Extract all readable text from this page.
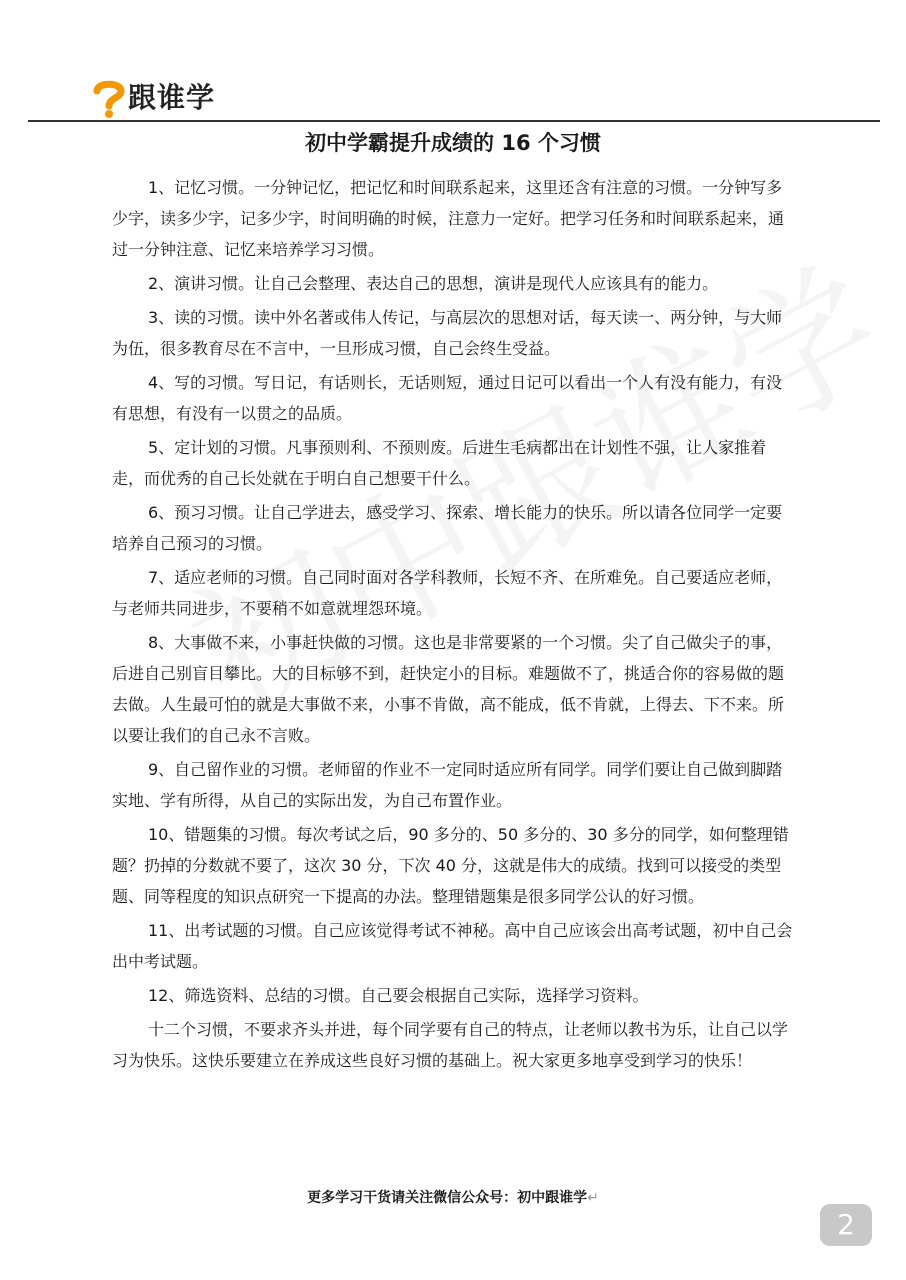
跟谁学
初中学霸提升成绩的 16 个习惯

1、记忆习惯。一分钟记忆，把记忆和时间联系起来，这里还含有注意的习惯。一分钟写多少字，读多少字，记多少字，时间明确的时候，注意力一定好。把学习任务和时间联系起来，通过一分钟注意、记忆来培养学习习惯。

2、演讲习惯。让自己会整理、表达自己的思想，演讲是现代人应该具有的能力。

3、读的习惯。读中外名著或伟人传记，与高层次的思想对话，每天读一、两分钟，与大师为伍，很多教育尽在不言中，一旦形成习惯，自己会终生受益。

4、写的习惯。写日记，有话则长，无话则短，通过日记可以看出一个人有没有能力，有没有思想，有没有一以贯之的品质。

5、定计划的习惯。凡事预则利、不预则废。后进生毛病都出在计划性不强，让人家推着走，而优秀的自己长处就在于明白自己想要干什么。

6、预习习惯。让自己学进去，感受学习、探索、增长能力的快乐。所以请各位同学一定要培养自己预习的习惯。

7、适应老师的习惯。自己同时面对各学科教师，长短不齐、在所难免。自己要适应老师，与老师共同进步，不要稍不如意就埋怨环境。

8、大事做不来，小事赶快做的习惯。这也是非常要紧的一个习惯。尖了自己做尖子的事，后进自己别盲目攀比。大的目标够不到，赶快定小的目标。难题做不了，挑适合你的容易做的题去做。人生最可怕的就是大事做不来，小事不肯做，高不能成，低不肯就，上得去、下不来。所以要让我们的自己永不言败。

9、自己留作业的习惯。老师留的作业不一定同时适应所有同学。同学们要让自己做到脚踏实地、学有所得，从自己的实际出发，为自己布置作业。

10、错题集的习惯。每次考试之后，90 多分的、50 多分的、30 多分的同学，如何整理错题？扔掉的分数就不要了，这次 30 分，下次 40 分，这就是伟大的成绩。找到可以接受的类型题、同等程度的知识点研究一下提高的办法。整理错题集是很多同学公认的好习惯。

11、出考试题的习惯。自己应该觉得考试不神秘。高中自己应该会出高考试题，初中自己会出中考试题。

12、筛选资料、总结的习惯。自己要会根据自己实际，选择学习资料。

十二个习惯，不要求齐头并进，每个同学要有自己的特点，让老师以教书为乐，让自己以学习为快乐。这快乐要建立在养成这些良好习惯的基础上。祝大家更多地享受到学习的快乐！

更多学习干货请关注微信公众号：初中跟谁学↵
2
